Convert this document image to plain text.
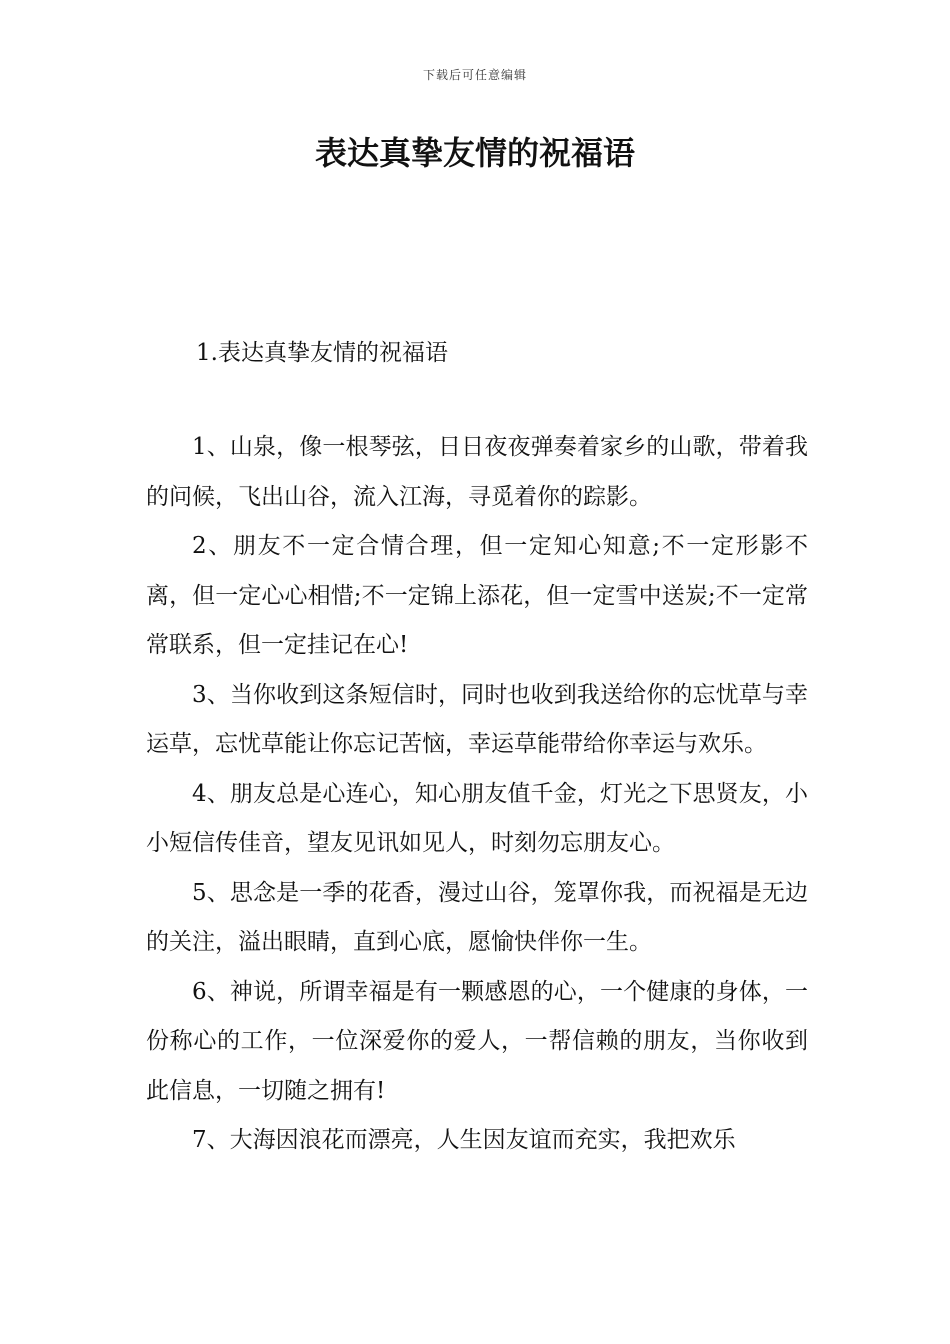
下载后可任意编辑
表达真挚友情的祝福语
1.表达真挚友情的祝福语

1、山泉，像一根琴弦，日日夜夜弹奏着家乡的山歌，带着我的问候，飞出山谷，流入江海，寻觅着你的踪影。

2、朋友不一定合情合理，但一定知心知意;不一定形影不离，但一定心心相惜;不一定锦上添花，但一定雪中送炭;不一定常常联系，但一定挂记在心!

3、当你收到这条短信时，同时也收到我送给你的忘忧草与幸运草，忘忧草能让你忘记苦恼，幸运草能带给你幸运与欢乐。

4、朋友总是心连心，知心朋友值千金，灯光之下思贤友，小小短信传佳音，望友见讯如见人，时刻勿忘朋友心。

5、思念是一季的花香，漫过山谷，笼罩你我，而祝福是无边的关注，溢出眼睛，直到心底，愿愉快伴你一生。

6、神说，所谓幸福是有一颗感恩的心，一个健康的身体，一份称心的工作，一位深爱你的爱人，一帮信赖的朋友，当你收到此信息，一切随之拥有!

7、大海因浪花而漂亮，人生因友谊而充实，我把欢乐
